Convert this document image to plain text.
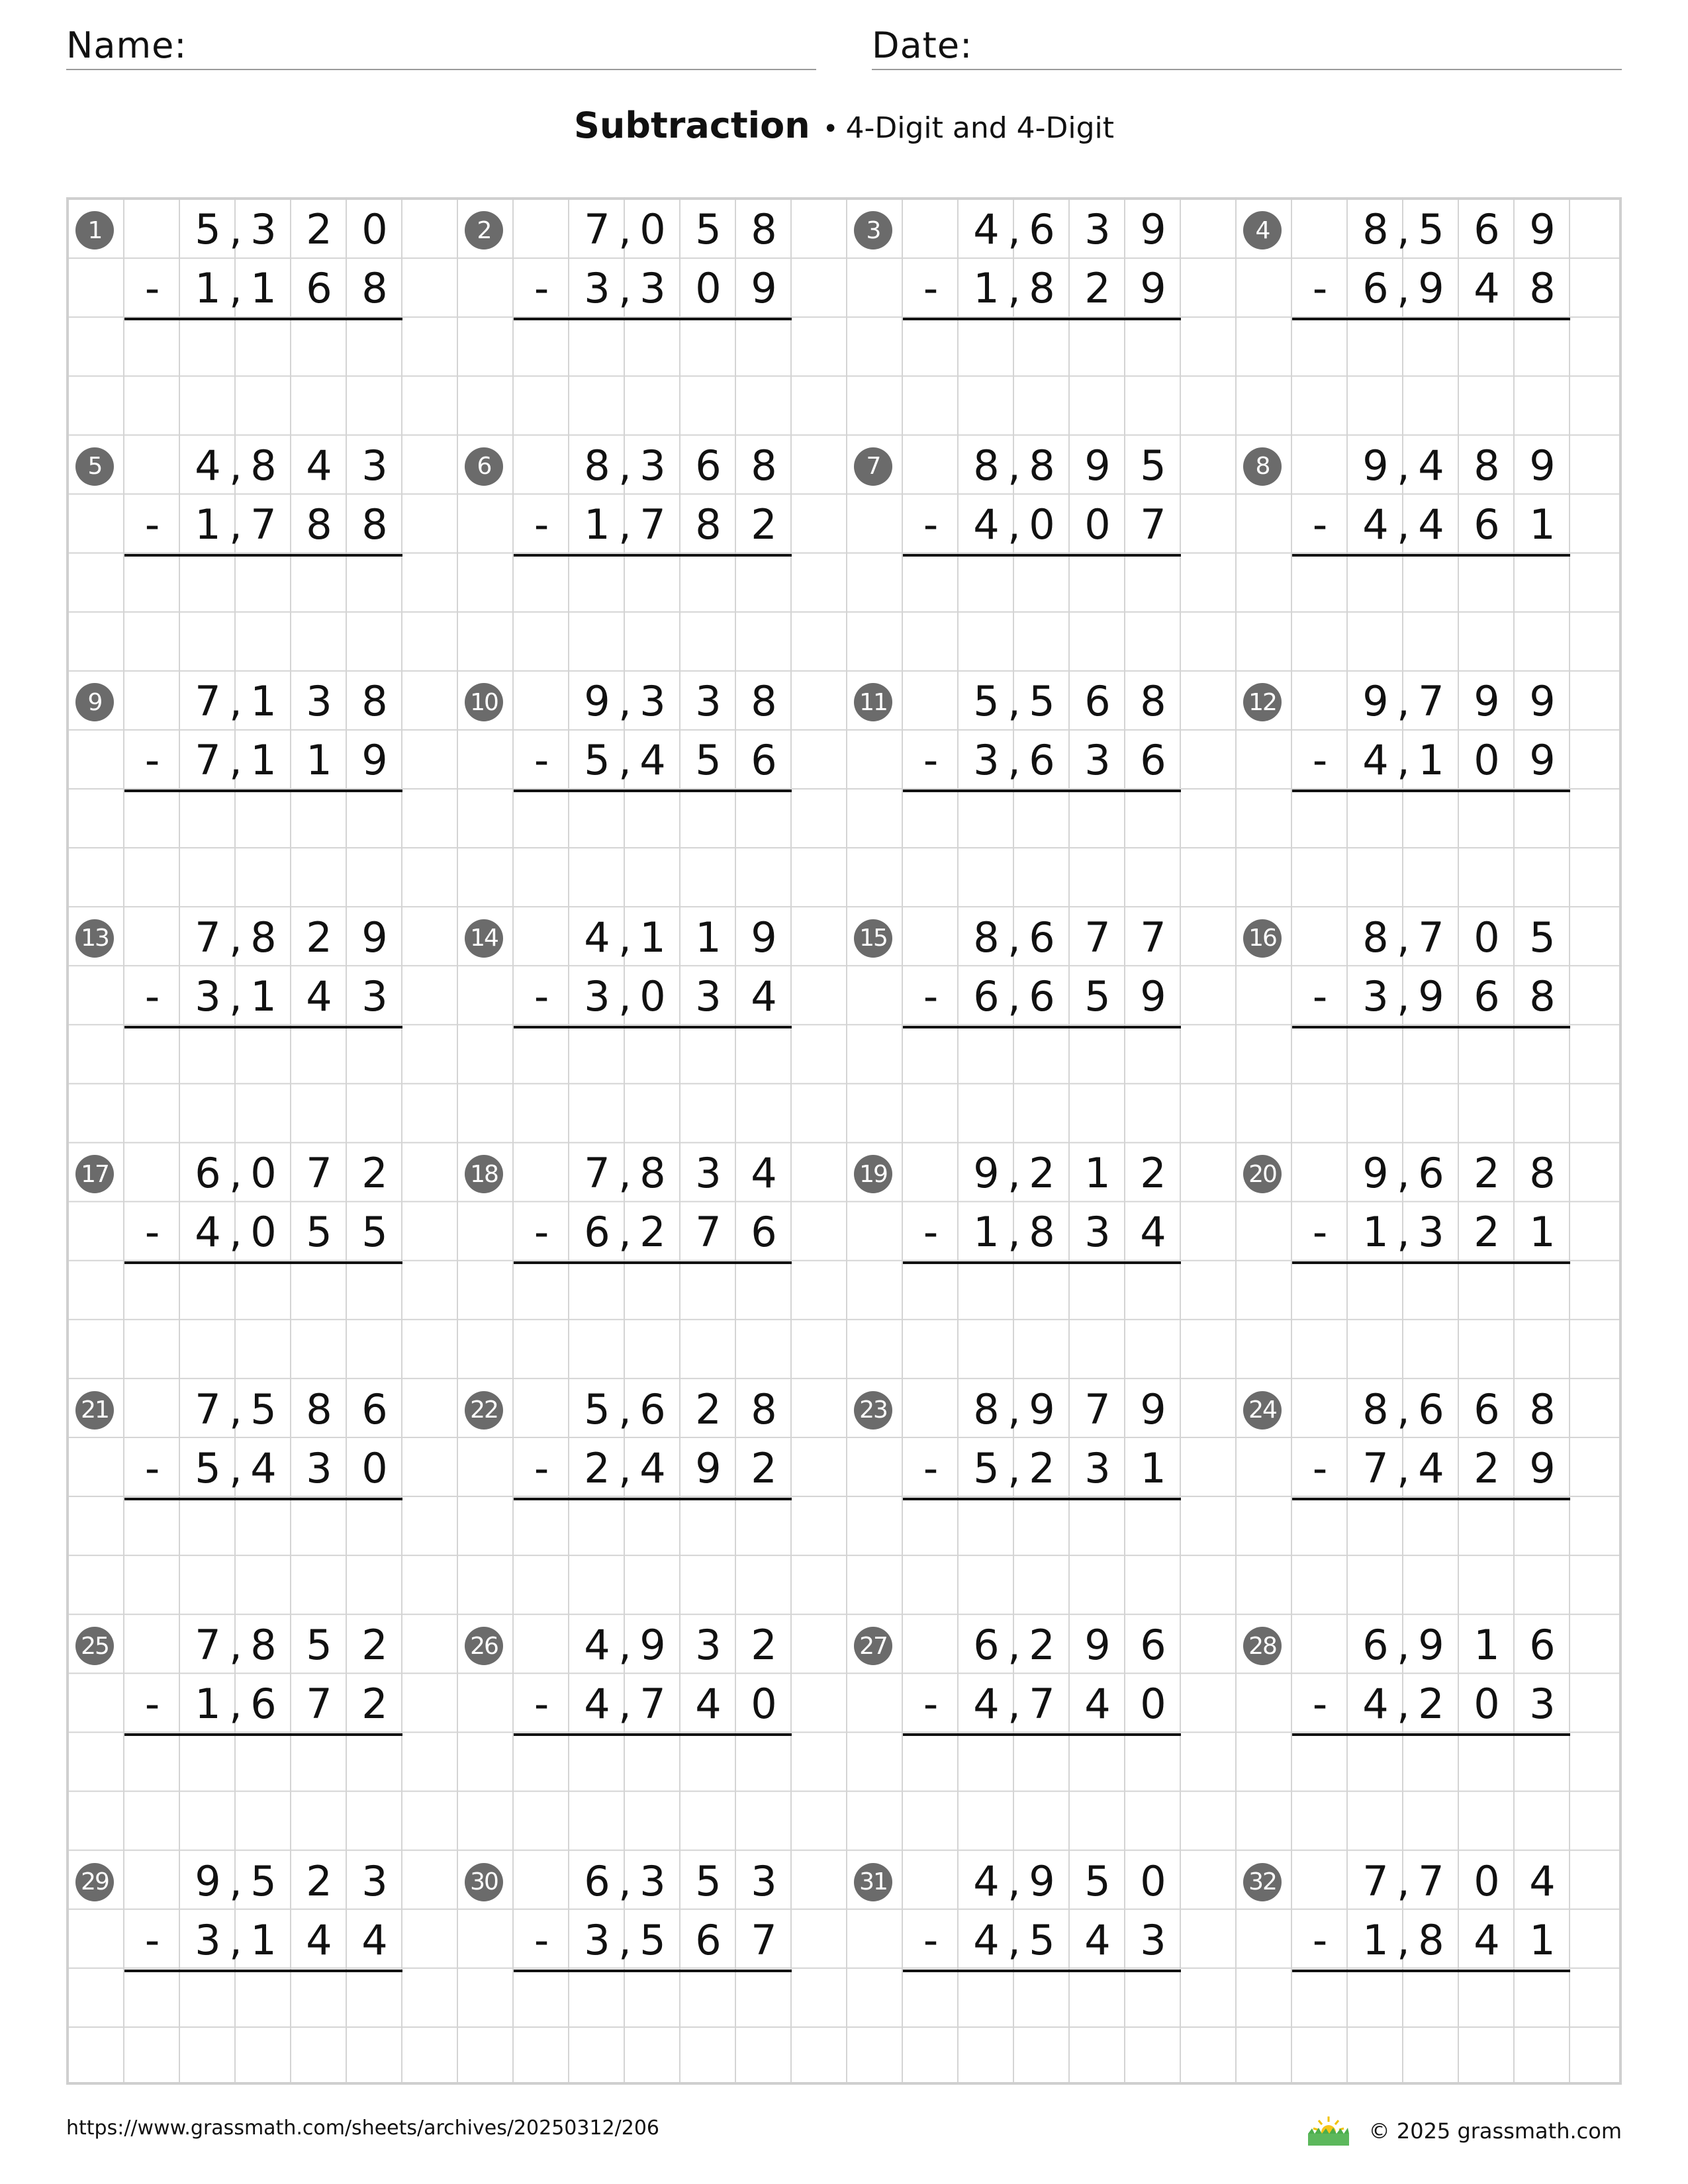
Name:	Date:
Subtraction • 4-Digit and 4-Digit
1	5 3 2 0
,
- 1 1 6 8
,
2	7 0 5 8
,
- 3 3 0 9
,
3	4 6 3 9
,
- 1 8 2 9
,
4	8 5 6 9
,
- 6 9 4 8
,
5	4 8 4 3
,
- 1 7 8 8
,
6	8 3 6 8
,
- 1 7 8 2
,
7	8 8 9 5
,
- 4 0 0 7
,
8	9 4 8 9
,
- 4 4 6 1
,
9	7 1 3 8
,
- 7 1 1 9
,
10	9 3 3 8
,
- 5 4 5 6
,
11	5 5 6 8
,
- 3 6 3 6
,
12	9 7 9 9
,
- 4 1 0 9
,
13	7 8 2 9
,
- 3 1 4 3
,
14	4 1 1 9
,
- 3 0 3 4
,
15	8 6 7 7
,
- 6 6 5 9
,
16	8 7 0 5
,
- 3 9 6 8
,
17	6 0 7 2
,
- 4 0 5 5
,
18	7 8 3 4
,
- 6 2 7 6
,
19	9 2 1 2
,
- 1 8 3 4
,
20	9 6 2 8
,
- 1 3 2 1
,
21	7 5 8 6
,
- 5 4 3 0
,
22	5 6 2 8
,
- 2 4 9 2
,
23	8 9 7 9
,
- 5 2 3 1
,
24	8 6 6 8
,
- 7 4 2 9
,
25	7 8 5 2
,
- 1 6 7 2
,
26	4 9 3 2
,
- 4 7 4 0
,
27	6 2 9 6
,
- 4 7 4 0
,
28	6 9 1 6
,
- 4 2 0 3
,
29	9 5 2 3
,
- 3 1 4 4
,
30	6 3 5 3
,
- 3 5 6 7
,
31	4 9 5 0
,
- 4 5 4 3
,
32	7 7 0 4
,
- 1 8 4 1
,
https://www.grassmath.com/sheets/archives/20250312/206	© 2025 grassmath.com
